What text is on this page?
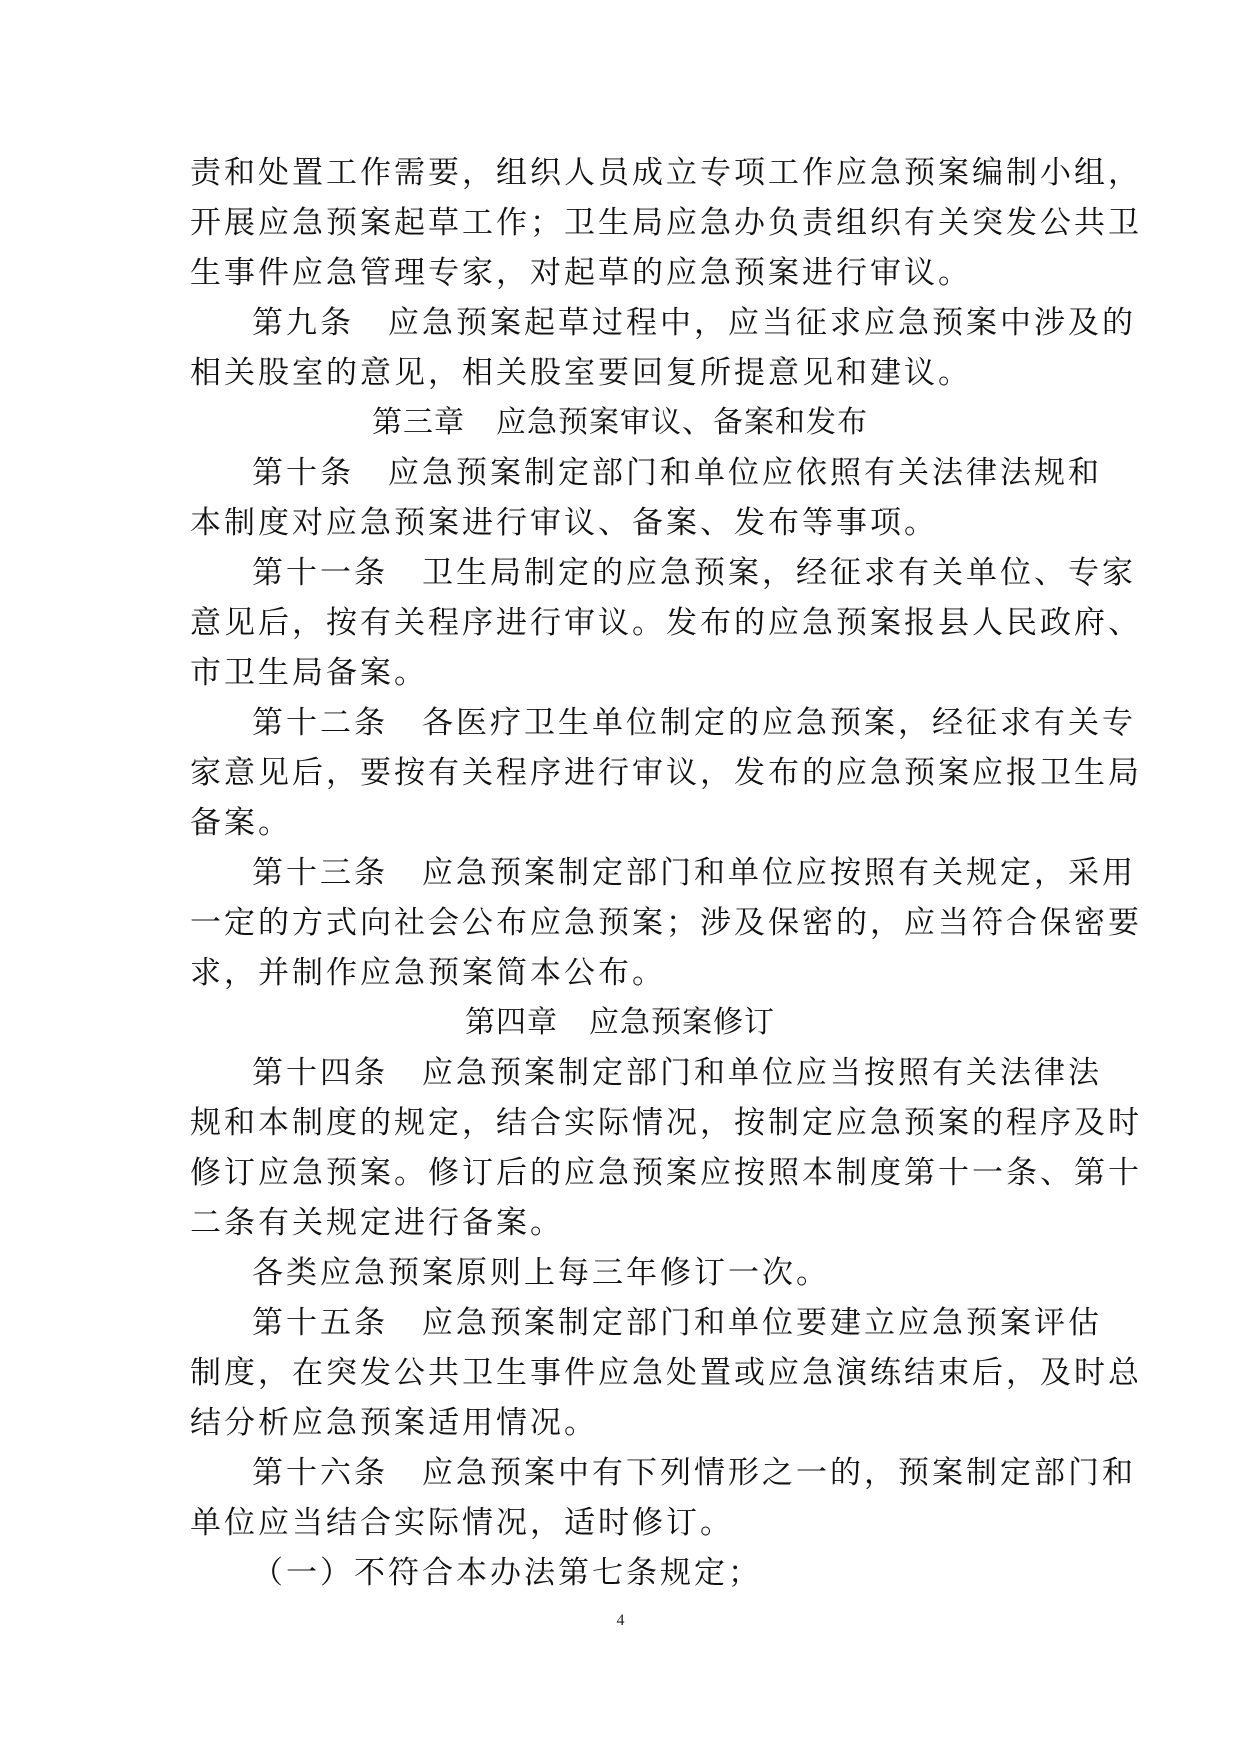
责和处置工作需要，组织人员成立专项工作应急预案编制小组，
开展应急预案起草工作；卫生局应急办负责组织有关突发公共卫
生事件应急管理专家，对起草的应急预案进行审议。
第九条　应急预案起草过程中，应当征求应急预案中涉及的
相关股室的意见，相关股室要回复所提意见和建议。
第三章　应急预案审议、备案和发布
第十条　应急预案制定部门和单位应依照有关法律法规和
本制度对应急预案进行审议、备案、发布等事项。
第十一条　卫生局制定的应急预案，经征求有关单位、专家
意见后，按有关程序进行审议。发布的应急预案报县人民政府、
市卫生局备案。
第十二条　各医疗卫生单位制定的应急预案，经征求有关专
家意见后，要按有关程序进行审议，发布的应急预案应报卫生局
备案。
第十三条　应急预案制定部门和单位应按照有关规定，采用
一定的方式向社会公布应急预案；涉及保密的，应当符合保密要
求，并制作应急预案简本公布。
第四章　应急预案修订
第十四条　应急预案制定部门和单位应当按照有关法律法
规和本制度的规定，结合实际情况，按制定应急预案的程序及时
修订应急预案。修订后的应急预案应按照本制度第十一条、第十
二条有关规定进行备案。
各类应急预案原则上每三年修订一次。
第十五条　应急预案制定部门和单位要建立应急预案评估
制度，在突发公共卫生事件应急处置或应急演练结束后，及时总
结分析应急预案适用情况。
第十六条　应急预案中有下列情形之一的，预案制定部门和
单位应当结合实际情况，适时修订。
（一）不符合本办法第七条规定；
4
